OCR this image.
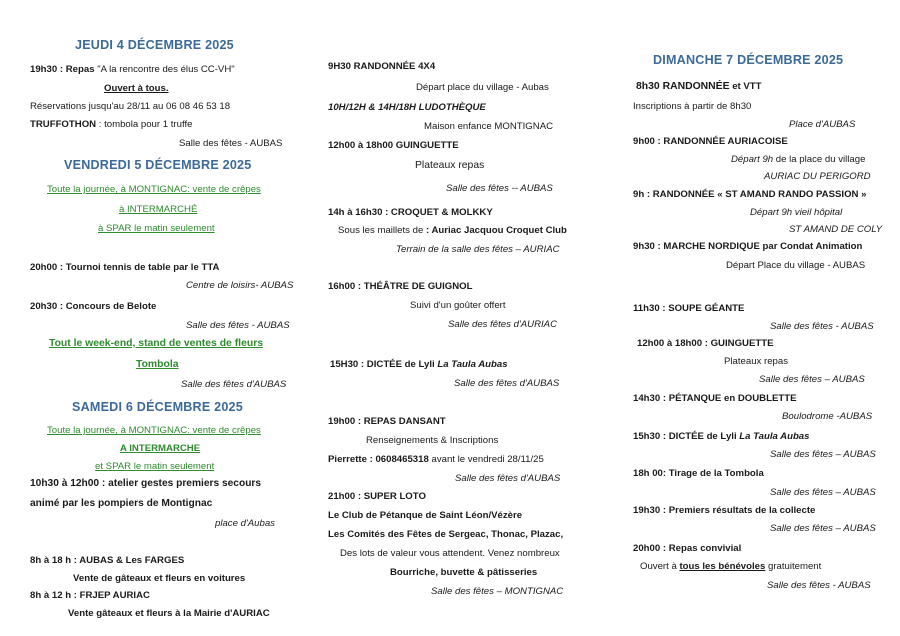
JEUDI 4 DÉCEMBRE 2025
19h30 : Repas "A la rencontre des élus CC-VH"
Ouvert à tous.
Réservations jusqu'au 28/11 au 06 08 46 53 18
TRUFFOTHON : tombola pour 1 truffe
Salle des fêtes - AUBAS
VENDREDI 5 DÉCEMBRE 2025
Toute la journée, à MONTIGNAC: vente de crêpes
à INTERMARCHÉ
à SPAR le matin seulement
20h00 : Tournoi tennis de table par le TTA
Centre de loisirs- AUBAS
20h30 : Concours de Belote
Salle des fêtes - AUBAS
Tout le week-end, stand de ventes de fleurs
Tombola
Salle des fêtes d'AUBAS
SAMEDI 6 DÉCEMBRE 2025
Toute la journée, à MONTIGNAC: vente de crêpes
A INTERMARCHE
et SPAR le matin seulement
10h30 à 12h00 : atelier gestes premiers secours
animé par les pompiers de Montignac
place d'Aubas
8h à 18 h : AUBAS & Les FARGES
Vente de gâteaux et fleurs en voitures
8h à 12 h : FRJEP AURIAC
Vente gâteaux et fleurs à la Mairie d'AURIAC
9H30 RANDONNÉE 4X4
Départ place du village - Aubas
10H/12H & 14H/18H LUDOTHÈQUE
Maison enfance MONTIGNAC
12h00 à 18h00 GUINGUETTE
Plateaux repas
Salle des fêtes -- AUBAS
14h à 16h30 : CROQUET & MOLKKY
Sous les maillets de : Auriac Jacquou Croquet Club
Terrain de la salle des fêtes – AURIAC
16h00 : THÉÂTRE DE GUIGNOL
Suivi d'un goûter offert
Salle des fêtes d'AURIAC
15H30 : DICTÉE de Lyli La Taula Aubas
Salle des fêtes d'AUBAS
19h00 : REPAS DANSANT
Renseignements & Inscriptions
Pierrette : 0608465318 avant le vendredi 28/11/25
Salle des fêtes d'AUBAS
21h00 : SUPER LOTO
Le Club de Pétanque de Saint Léon/Vézère
Les Comités des Fêtes de Sergeac, Thonac, Plazac,
Des lots de valeur vous attendent. Venez nombreux
Bourriche, buvette & pâtisseries
Salle des fêtes – MONTIGNAC
DIMANCHE 7 DÉCEMBRE 2025
8h30 RANDONNÉE et VTT
Inscriptions à partir de 8h30
Place d'AUBAS
9h00 : RANDONNÉE AURIACOISE
Départ 9h de la place du village
AURIAC DU PERIGORD
9h : RANDONNÉE « ST AMAND RANDO PASSION »
Départ 9h vieil hôpital
ST AMAND DE COLY
9h30 : MARCHE NORDIQUE par Condat Animation
Départ Place du village - AUBAS
11h30 : SOUPE GÉANTE
Salle des fêtes - AUBAS
12h00 à 18h00 : GUINGUETTE
Plateaux repas
Salle des fêtes – AUBAS
14h30 : PÉTANQUE en DOUBLETTE
Boulodrome -AUBAS
15h30 : DICTÉE de Lyli La Taula Aubas
Salle des fêtes – AUBAS
18h 00: Tirage de la Tombola
Salle des fêtes – AUBAS
19h30 : Premiers résultats de la collecte
Salle des fêtes – AUBAS
20h00 : Repas convivial
Ouvert à tous les bénévoles gratuitement
Salle des fêtes - AUBAS
